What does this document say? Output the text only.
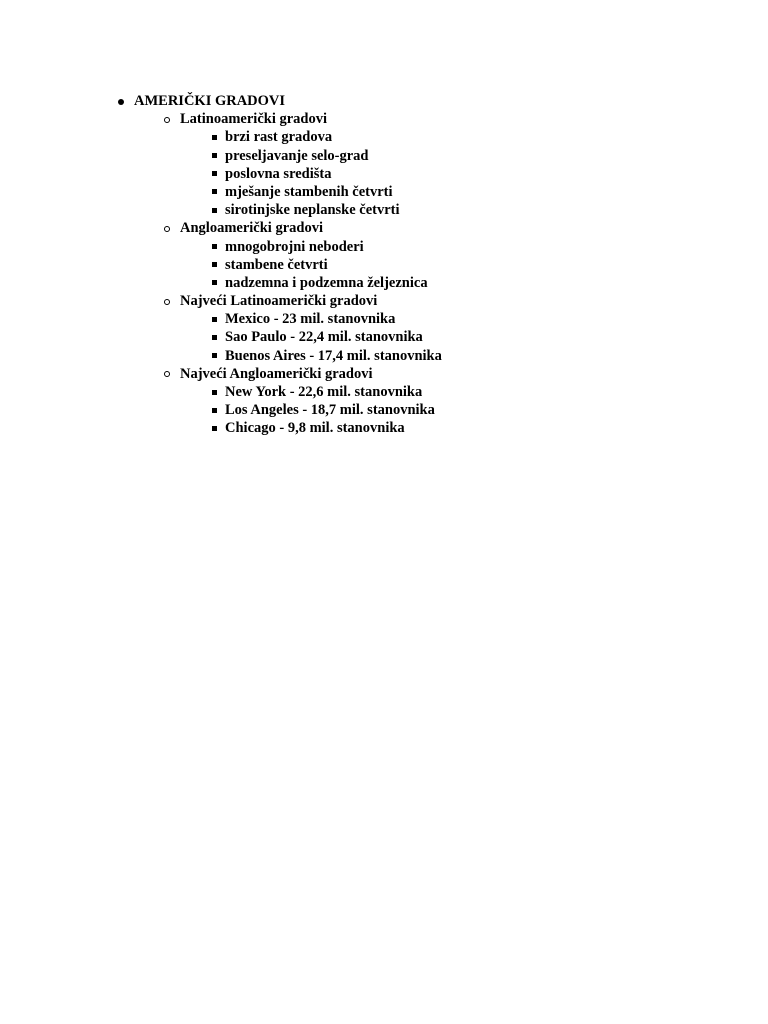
AMERIČKI GRADOVI
Latinoamerički gradovi
brzi rast gradova
preseljavanje selo-grad
poslovna središta
mješanje stambenih četvrti
sirotinjske neplanske četvrti
Angloamerički gradovi
mnogobrojni neboderi
stambene četvrti
nadzemna i podzemna željeznica
Najveći Latinoamerički gradovi
Mexico - 23 mil. stanovnika
Sao Paulo - 22,4 mil. stanovnika
Buenos Aires - 17,4 mil. stanovnika
Najveći Angloamerički gradovi
New York - 22,6 mil. stanovnika
Los Angeles - 18,7 mil. stanovnika
Chicago - 9,8 mil. stanovnika
